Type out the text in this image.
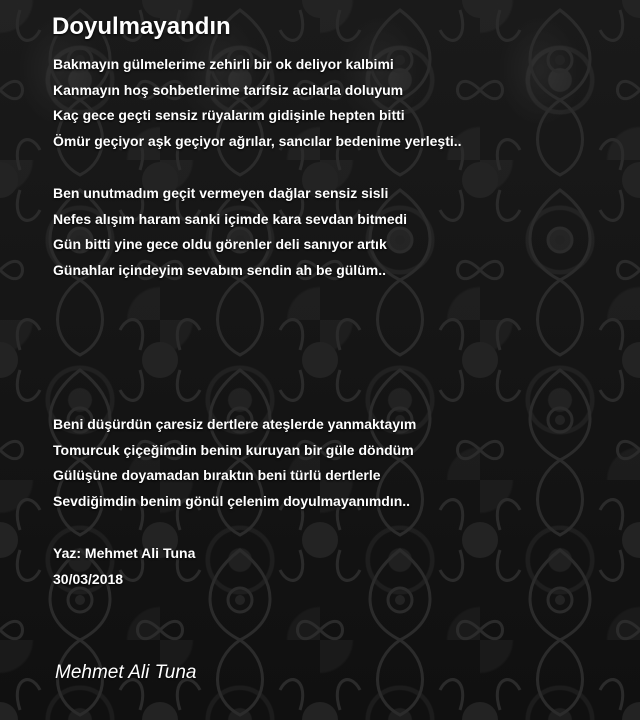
Doyulmayandın
Bakmayın gülmelerime zehirli bir ok deliyor kalbimi
Kanmayın hoş sohbetlerime tarifsiz acılarla doluyum
Kaç gece geçti sensiz rüyalarım gidişinle hepten bitti
Ömür geçiyor aşk geçiyor ağrılar, sancılar bedenime yerleşti..
Ben unutmadım geçit vermeyen dağlar sensiz sisli
Nefes alışım haram sanki içimde kara sevdan bitmedi
Gün bitti yine gece oldu görenler deli sanıyor artık
Günahlar içindeyim sevabım sendin ah be gülüm..
Beni düşürdün çaresiz dertlere ateşlerde yanmaktayım
Tomurcuk çiçeğimdin benim kuruyan bir güle döndüm
Gülüşüne doyamadan bıraktın beni türlü dertlerle
Sevdiğimdin benim gönül çelenim doyulmayanımdın..
Yaz: Mehmet Ali Tuna
30/03/2018
Mehmet Ali Tuna
